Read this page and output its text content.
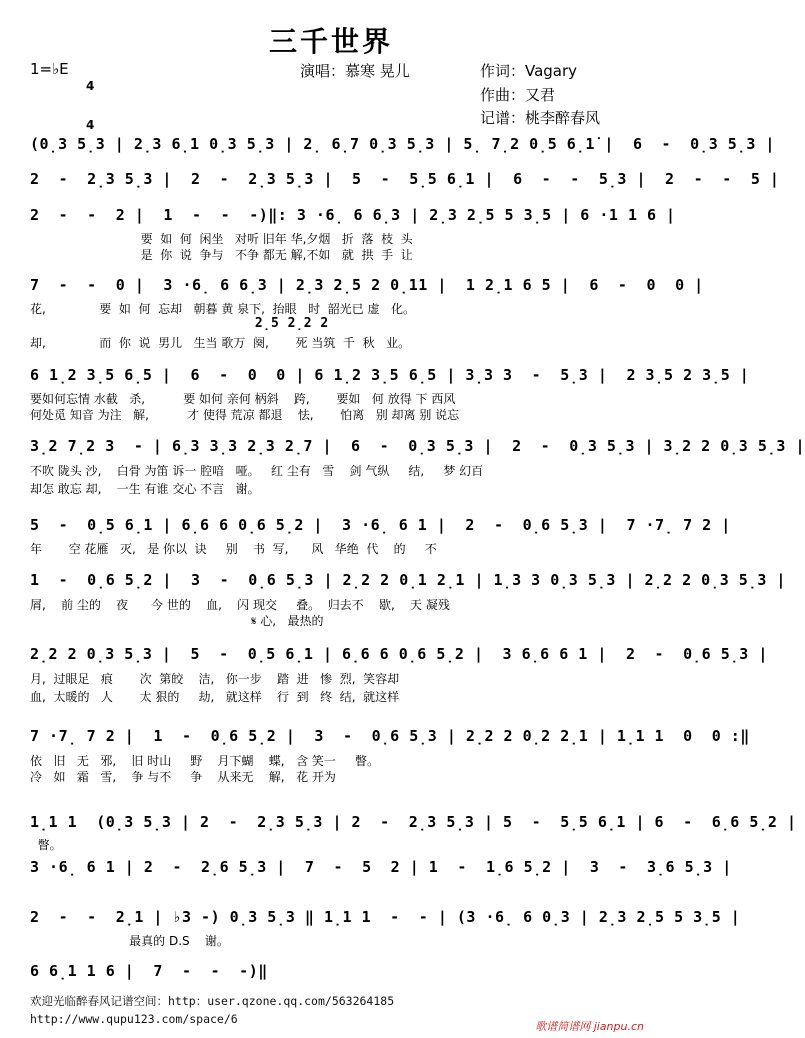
三千世界
1=♭E

4

4

演唱：慕寒 晃儿	作词：Vagary
作曲：又君
记谱：桃李醉春风
(0̣3 5̣3 | 2̣3 6̣1 0̣3 5̣3 | 2̣ 6̣7 0̣3 5̣3 | 5̣ 7̣2 0̣5 6̣1̇ |  6  -  0̣3 5̣3 |
2  -  2̣3 5̣3 |  2  -  2̣3 5̣3 |  5  -  5̣5 6̣1 |  6  -  -  5̣3 |  2  -  -  5 |
2  -  -  2 |  1  -  -  -)‖: 3 ·6̣ 6 6̣3 | 2̣3 2̣5 5 3̣5 | 6 ·1 1 6 |
要  如  何  闲坐   对听 旧年 华,夕烟   折  落  枝  头
是  你  说  争与   不争 都无 解,不如   就  拱  手  让
7  -  -  0 |  3 ·6̣ 6 6̣3 | 2̣3 2̣5 2 0̣11 |  1 2̣1 6 5 |  6  -  0  0 |
花,              要  如  何  忘却   朝暮 黄 泉下,  抬眼   时  韶光已 虚   化。
2̣5 2̣2 2
却,              而  你  说  男儿   生当 歌万  阕,       死 当筑  千  秋   业。
6 1̣2 3̣5 6̣5 |  6  -  0  0 | 6 1̣2 3̣5 6̣5 | 3̣3 3  -  5̣3 |  2 3̣5 2 3̣5 |
要如何忘情 水截   杀,          要 如何 亲何 柄斜    跨,       要如   何 放得 下 西风
何处觅 知音 为注   解,          才 使得 荒凉 都退    怯,       怕离   别 却离 别 说忘
3̣2 7̣2 3  - | 6̣3 3̣3 2̣3 2̣7 |  6  -  0̣3 5̣3 |  2  -  0̣3 5̣3 | 3̣2 2 0̣3 5̣3 |
不吹 陇头 沙,    白骨 为笛 诉一 腔喑   哑。   红 尘有   雪    剑 气纵     结,     梦 幻百
却怎 敢忘 却,    一生 有谁 交心 不言   谢。
5  -  0̣5 6̣1 | 6̣6 6 0̣6 5̣2 |  3 ·6̣ 6 1 |  2  -  0̣6 5̣3 |  7 ·7̣ 7 2 |
年       空 花雁   灭,   是 你以  诀     别    书  写,      风   华绝  代    的     不
1  -  0̣6 5̣2 |  3  -  0̣6 5̣3 | 2̣2 2 0̣1 2̣1 | 1̣3 3 0̣3 5̣3 | 2̣2 2 0̣3 5̣3 |
屑,    前 尘的    夜      今 世的    血,    闪 现交     叠。  归去不    歇,    天 凝残
𝄋 心,   最热的
2̣2 2 0̣3 5̣3 |  5  -  0̣5 6̣1 | 6̣6 6 0̣6 5̣2 |  3 6̣6 6 1 |  2  -  0̣6 5̣3 |
月,  过眼足   痕       次  第皎    洁,   你一步    踏  进   惨  烈,  笑容却
血,  太暖的   人       太 狠的     劫,   就这样    行  到   终  结,  就这样
7 ·7̣ 7 2 |  1  -  0̣6 5̣2 |  3  -  0̣6 5̣3 | 2̣2 2 0̣2 2̣1 | 1̣1 1  0  0 :‖
依   旧   无   邪,    旧 时山     野    月下蝴    蝶,   含 笑一     瞥。
冷   如   霜   雪,    争 与不     争    从来无    解,   花 开为
1̣1 1  (0̣3 5̣3 | 2  -  2̣3 5̣3 | 2  -  2̣3 5̣3 | 5  -  5̣5 6̣1 | 6  -  6̣6 5̣2 |
瞥。
3 ·6̣ 6 1 | 2  -  2̣6 5̣3 |  7  -  5  2 | 1  -  1̣6 5̣2 |  3  -  3̣6 5̣3 |
2  -  -  2̣1 | ♭3 -) 0̣3 5̣3 ‖ 1̣1 1  -  - | (3 ·6̣ 6 0̣3 | 2̣3 2̣5 5 3̣5 |
最真的 D.S    谢。
6 6̣1 1 6 |  7  -  -  -)‖
欢迎光临醉春风记谱空间：http：user.qzone.qq.com/563264185
http://www.qupu123.com/space/6
歌谱简谱网 jianpu.cn
